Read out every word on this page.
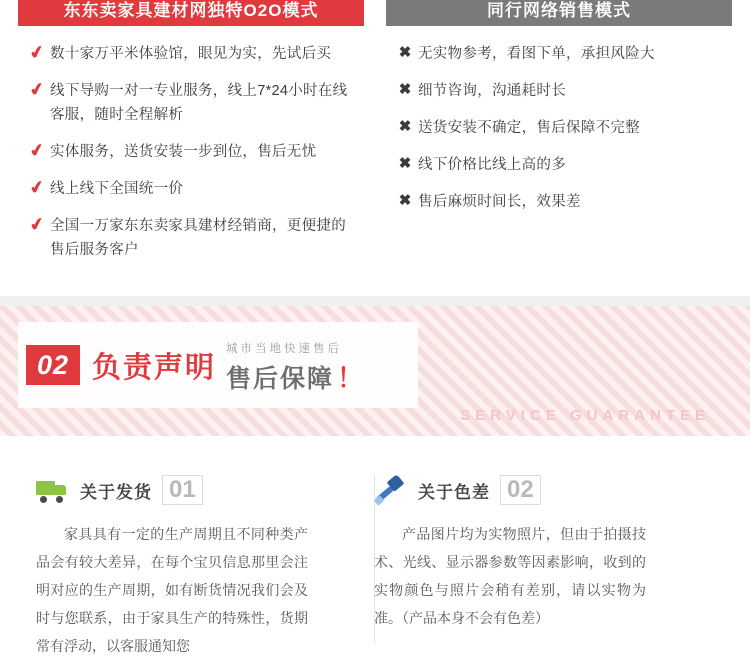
东东卖家具建材网独特O2O模式
✔ 数十家万平米体验馆，眼见为实，先试后买
✔ 线下导购一对一专业服务，线上7*24小时在线客服，随时全程解析
✔ 实体服务，送货安装一步到位，售后无忧
✔ 线上线下全国统一价
✔ 全国一万家东东卖家具建材经销商，更便捷的售后服务客户
同行网络销售模式
✖ 无实物参考，看图下单，承担风险大
✖ 细节咨询，沟通耗时长
✖ 送货安装不确定，售后保障不完整
✖ 线下价格比线上高的多
✖ 售后麻烦时间长，效果差
02 负责声明
城市当地快速售后
售后保障 ！
SERVICE GUARANTEE
关于发货 01
家具具有一定的生产周期且不同种类产品会有较大差异，在每个宝贝信息那里会注明对应的生产周期，如有断货情况我们会及时与您联系，由于家具生产的特殊性，货期常有浮动，以客服通知您
关于色差 02
产品图片均为实物照片，但由于拍摄技术、光线、显示器参数等因素影响，收到的实物颜色与照片会稍有差别，请以实物为准。（产品本身不会有色差）
